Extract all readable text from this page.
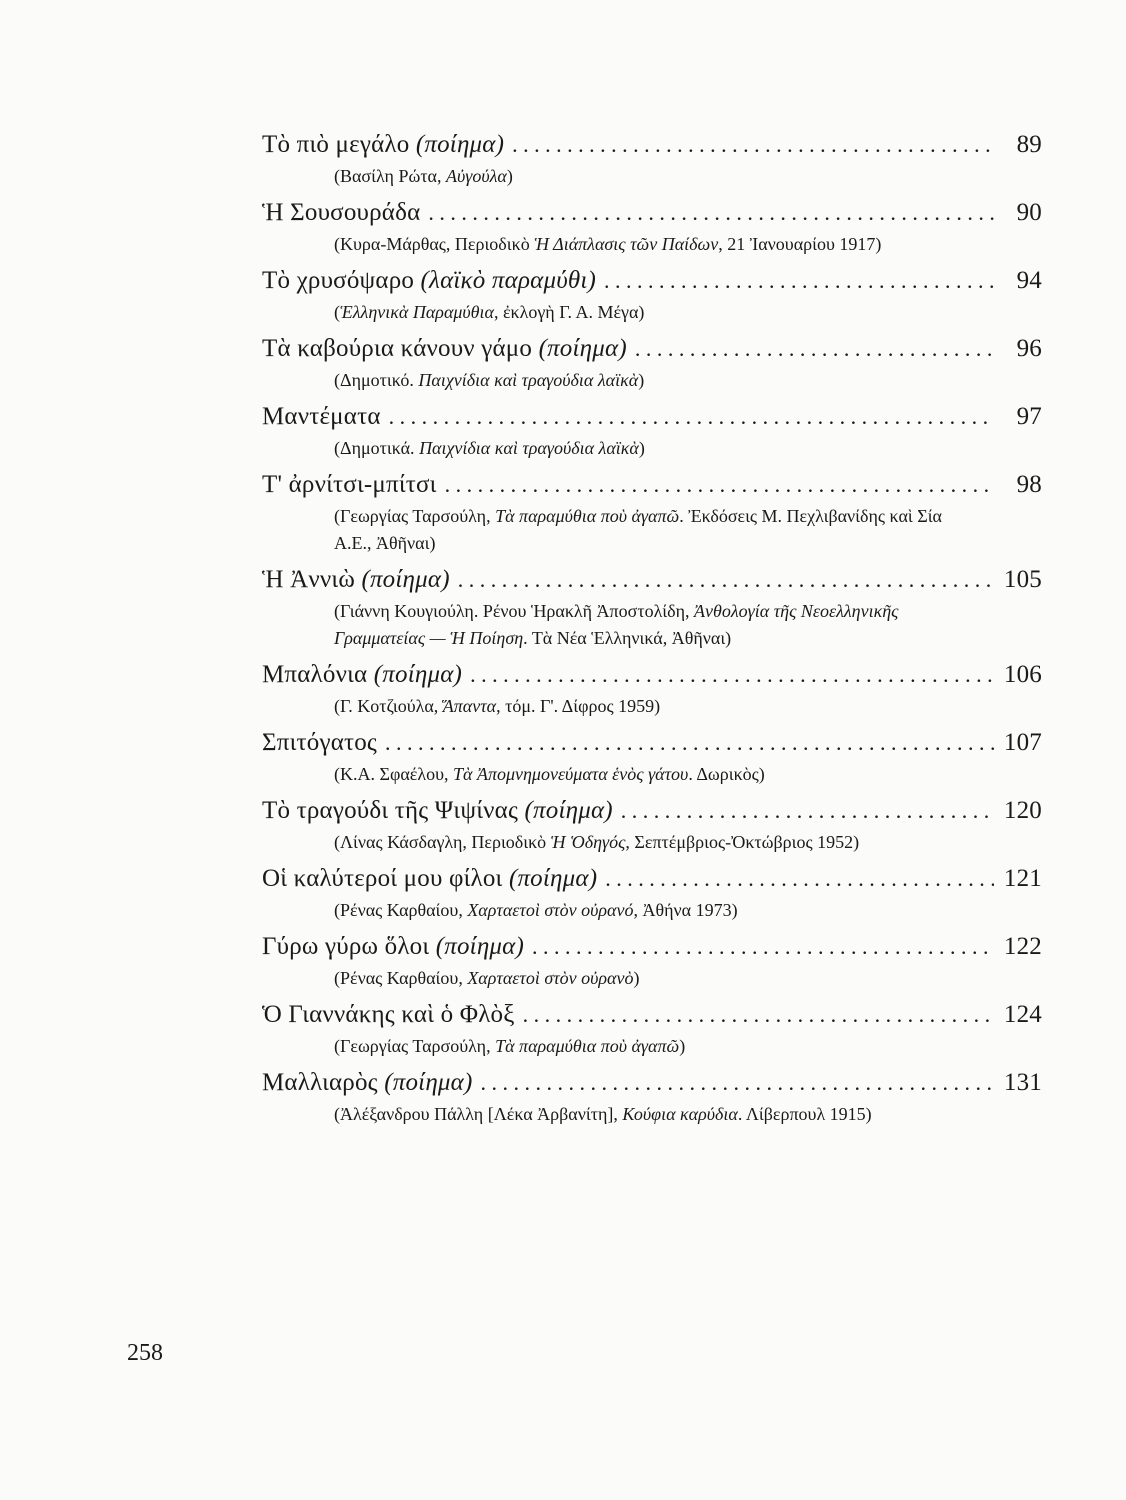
Τὸ πιὸ μεγάλο (ποίημα) . . .	89
(Βασίλη Ρώτα, Αὐγούλα)
Ἡ Σουσουράδα . . .	90
(Κυρα-Μάρθας, Περιοδικὸ Ἡ Διάπλασις τῶν Παίδων, 21 Ἰανουαρίου 1917)
Τὸ χρυσόψαρο (λαϊκὸ παραμύθι) . . .	94
(Ἑλληνικὰ Παραμύθια, ἐκλογὴ Γ. Α. Μέγα)
Τὰ καβούρια κάνουν γάμο (ποίημα) . . .	96
(Δημοτικό. Παιχνίδια καὶ τραγούδια λαϊκὰ)
Μαντέματα . . .	97
(Δημοτικά. Παιχνίδια καὶ τραγούδια λαϊκὰ)
Τ' ἀρνίτσι-μπίτσι . . .	98
(Γεωργίας Ταρσούλη, Τὰ παραμύθια ποὺ ἀγαπῶ. Ἐκδόσεις Μ. Πεχλιβανίδης καὶ Σία Α.Ε., Ἀθῆναι)
Ἡ Ἀννιὼ (ποίημα) . . .	105
(Γιάννη Κουγιούλη. Ρένου Ἡρακλῆ Ἀποστολίδη, Ἀνθολογία τῆς Νεοελληνικῆς Γραμματείας — Ἡ Ποίηση. Τὰ Νέα Ἑλληνικά, Ἀθῆναι)
Μπαλόνια (ποίημα) . . .	106
(Γ. Κοτζιούλα, Ἅπαντα, τόμ. Γ'. Δίφρος 1959)
Σπιτόγατος . . .	107
(Κ.Α. Σφαέλου, Τὰ Ἀπομνημονεύματα ἑνὸς γάτου. Δωρικὸς)
Τὸ τραγούδι τῆς Ψιψίνας (ποίημα) . . .	120
(Λίνας Κάσδαγλη, Περιοδικὸ Ἡ Ὁδηγός, Σεπτέμβριος-Ὀκτώβριος 1952)
Οἱ καλύτεροί μου φίλοι (ποίημα) . . .	121
(Ρένας Καρθαίου, Χαρταετοὶ στὸν οὐρανό, Ἀθήνα 1973)
Γύρω γύρω ὅλοι (ποίημα) . . .	122
(Ρένας Καρθαίου, Χαρταετοὶ στὸν οὐρανὸ)
Ὁ Γιαννάκης καὶ ὁ Φλὸξ . . .	124
(Γεωργίας Ταρσούλη, Τὰ παραμύθια ποὺ ἀγαπῶ)
Μαλλιαρὸς (ποίημα) . . .	131
(Ἀλέξανδρου Πάλλη [Λέκα Ἀρβανίτη], Κούφια καρύδια. Λίβερπουλ 1915)
258
